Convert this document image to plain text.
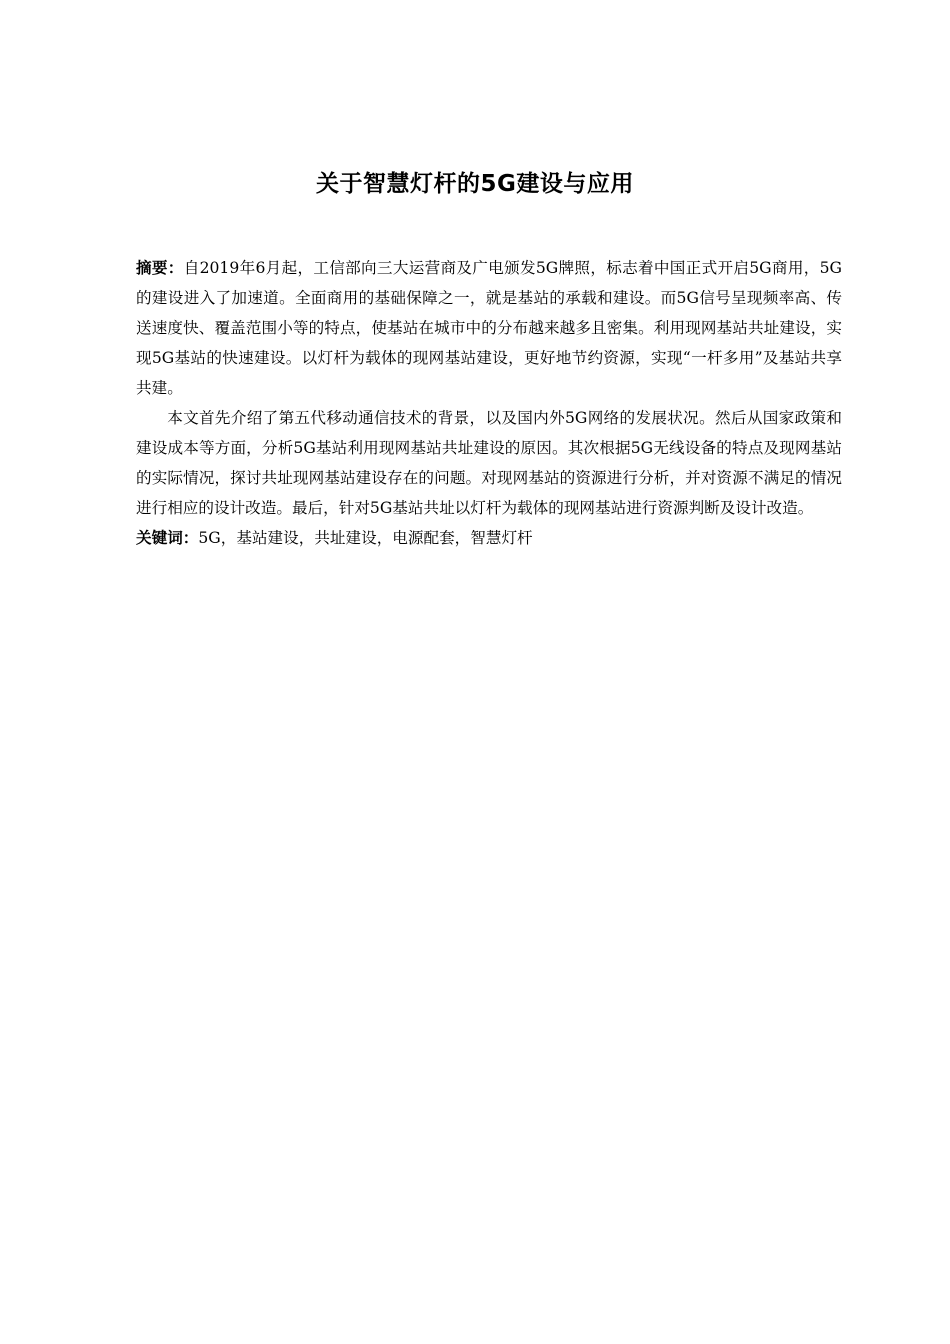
关于智慧灯杆的5G建设与应用

摘要：自2019年6月起，工信部向三大运营商及广电颁发5G牌照，标志着中国正式开启5G商用，5G的建设进入了加速道。全面商用的基础保障之一，就是基站的承载和建设。而5G信号呈现频率高、传送速度快、覆盖范围小等的特点，使基站在城市中的分布越来越多且密集。利用现网基站共址建设，实现5G基站的快速建设。以灯杆为载体的现网基站建设，更好地节约资源，实现“一杆多用”及基站共享共建。

本文首先介绍了第五代移动通信技术的背景，以及国内外5G网络的发展状况。然后从国家政策和建设成本等方面，分析5G基站利用现网基站共址建设的原因。其次根据5G无线设备的特点及现网基站的实际情况，探讨共址现网基站建设存在的问题。对现网基站的资源进行分析，并对资源不满足的情况进行相应的设计改造。最后，针对5G基站共址以灯杆为载体的现网基站进行资源判断及设计改造。

关键词：5G，基站建设，共址建设，电源配套，智慧灯杆
